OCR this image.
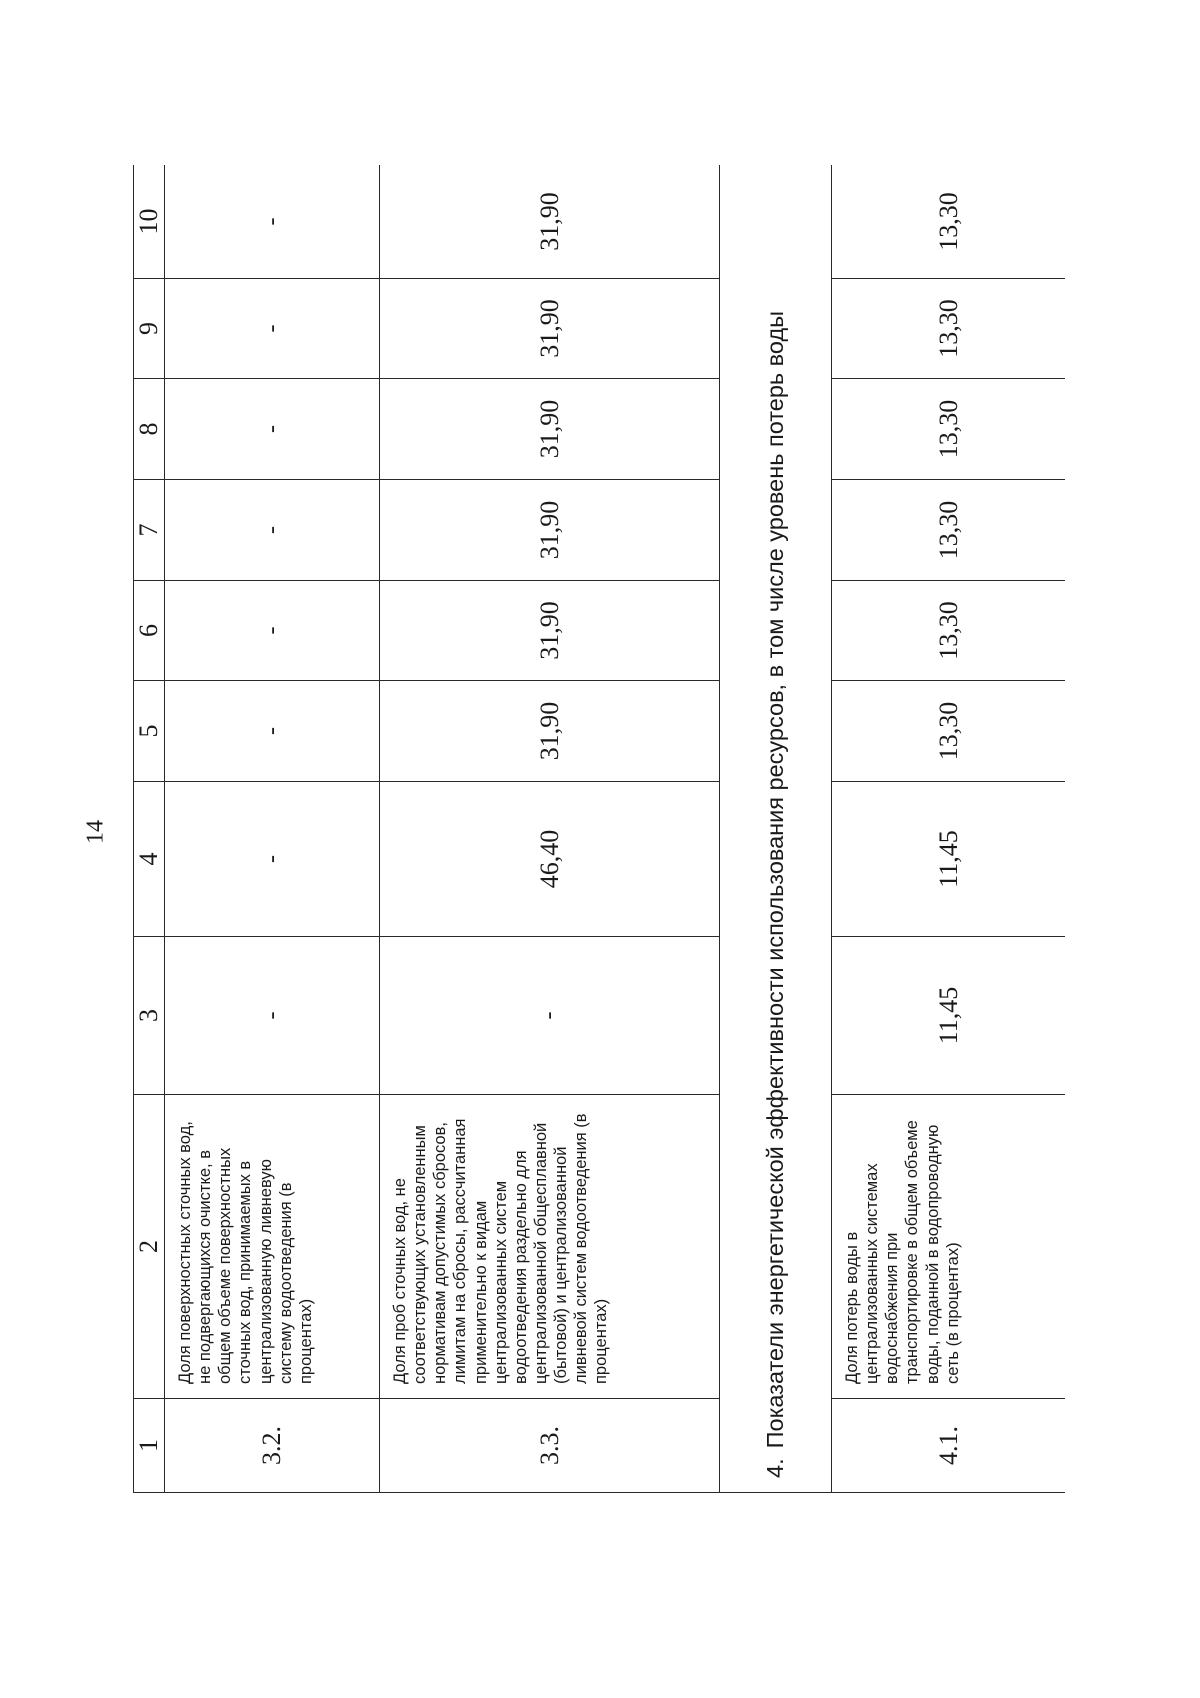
14
1	2	3	4	5	6	7	8	9	10
3.2.	Доля поверхностных сточных вод, не подвергающихся очистке, в общем объеме поверхностных сточных вод, принимаемых в централизованную ливневую систему водоотведения (в процентах)	-	-	-	-	-	-	-	-
3.3.	Доля проб сточных вод, не соответствующих установленным нормативам допустимых сбросов, лимитам на сбросы, рассчитанная применительно к видам централизованных систем водоотведения раздельно для централизованной общесплавной (бытовой) и централизованной ливневой систем водоотведения (в процентах)	-	46,40	31,90	31,90	31,90	31,90	31,90	31,90
4.Показатели энергетической эффективности использования ресурсов, в том числе уровень потерь воды									
4.1.	Доля потерь воды в централизованных системах водоснабжения при транспортировке в общем объеме воды, поданной в водопроводную сеть (в процентах)	11,45	11,45	13,30	13,30	13,30	13,30	13,30	13,30
